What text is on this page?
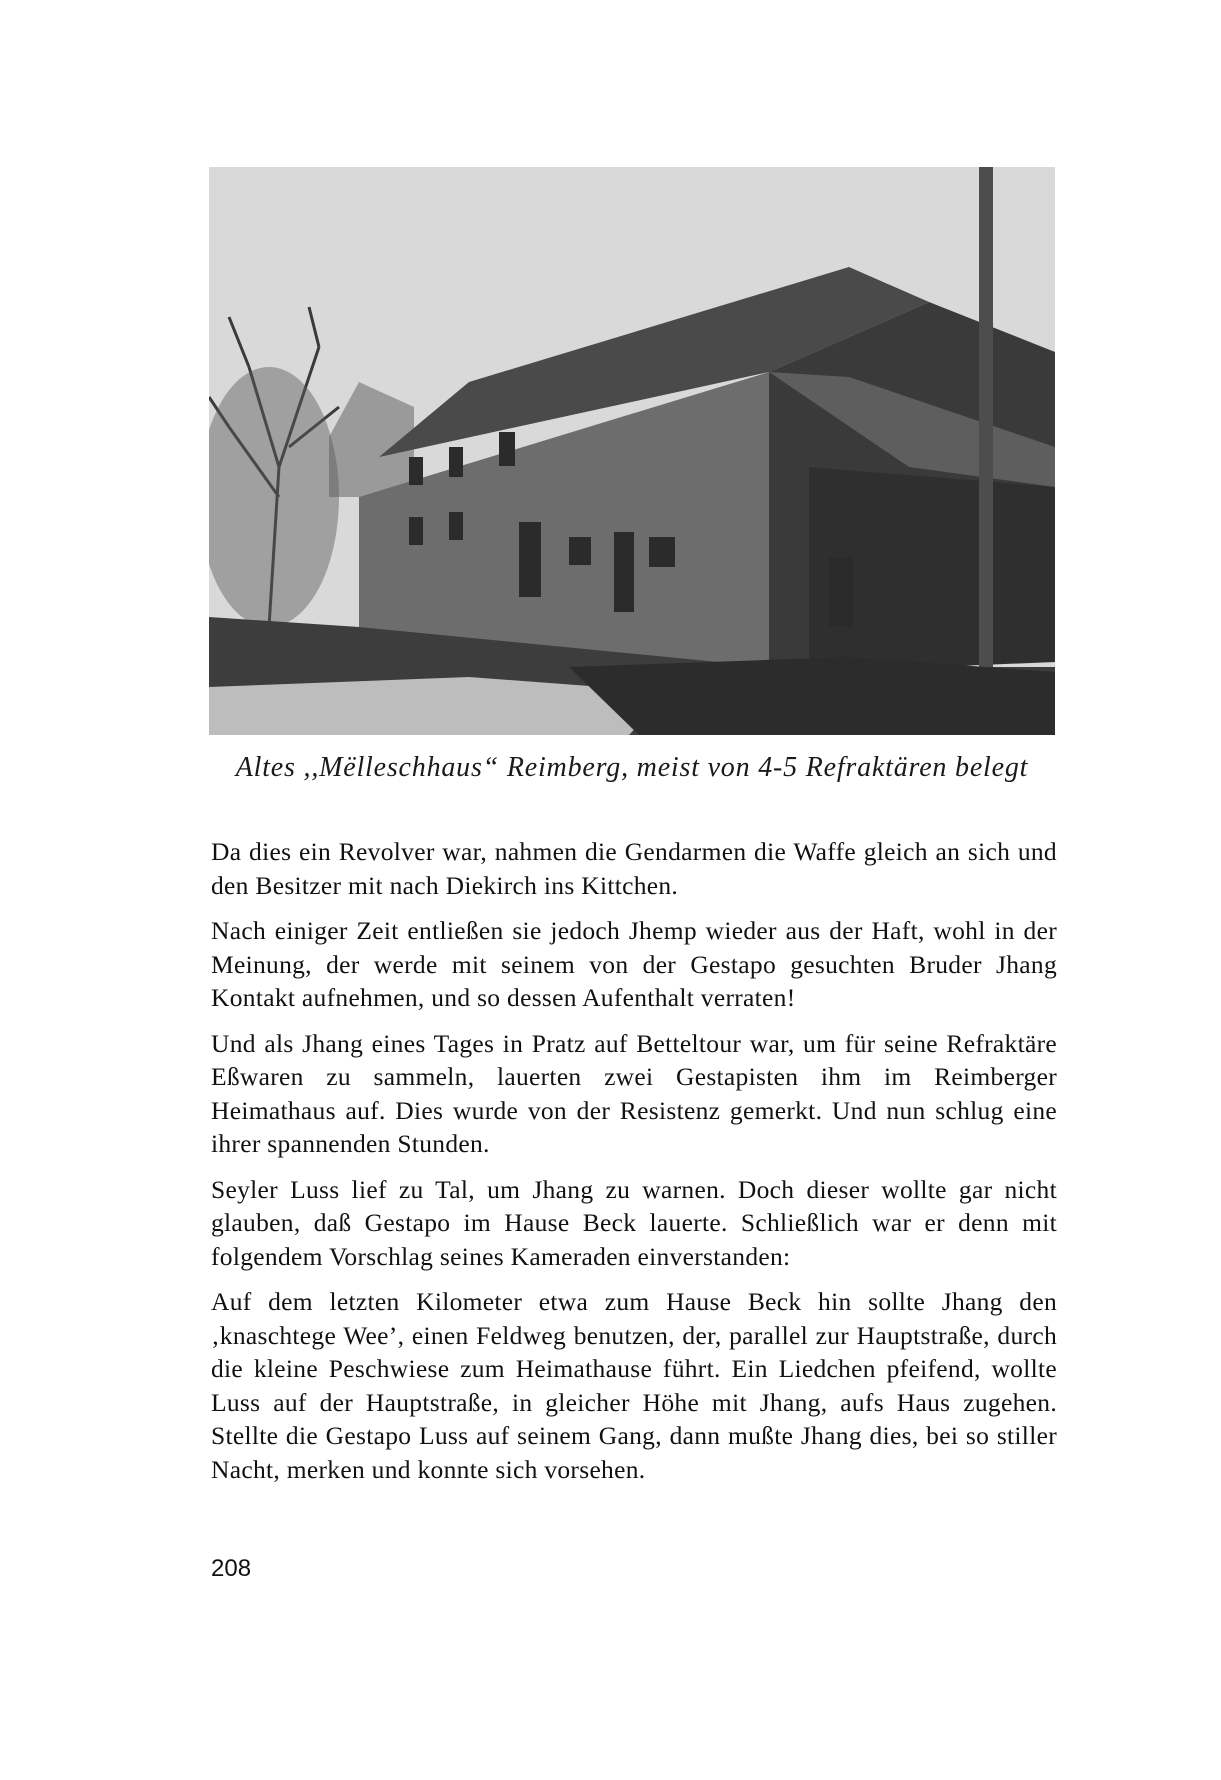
Altes ,,Mëlleschhaus“ Reimberg, meist von 4-5 Refraktären belegt

Da dies ein Revolver war, nahmen die Gendarmen die Waffe gleich an sich und den Besitzer mit nach Diekirch ins Kittchen.

Nach einiger Zeit entließen sie jedoch Jhemp wieder aus der Haft, wohl in der Meinung, der werde mit seinem von der Gestapo gesuchten Bruder Jhang Kontakt aufnehmen, und so dessen Aufenthalt verraten!

Und als Jhang eines Tages in Pratz auf Betteltour war, um für seine Refraktäre Eßwaren zu sammeln, lauerten zwei Gestapisten ihm im Reimberger Heimathaus auf. Dies wurde von der Resistenz gemerkt. Und nun schlug eine ihrer spannenden Stunden.

Seyler Luss lief zu Tal, um Jhang zu warnen. Doch dieser wollte gar nicht glauben, daß Gestapo im Hause Beck lauerte. Schließlich war er denn mit folgendem Vorschlag seines Kameraden einverstanden:

Auf dem letzten Kilometer etwa zum Hause Beck hin sollte Jhang den ‚knaschtege Wee’, einen Feldweg benutzen, der, parallel zur Hauptstraße, durch die kleine Peschwiese zum Heimathause führt. Ein Liedchen pfeifend, wollte Luss auf der Hauptstraße, in gleicher Höhe mit Jhang, aufs Haus zugehen. Stellte die Gestapo Luss auf seinem Gang, dann mußte Jhang dies, bei so stiller Nacht, merken und konnte sich vorsehen.

208
